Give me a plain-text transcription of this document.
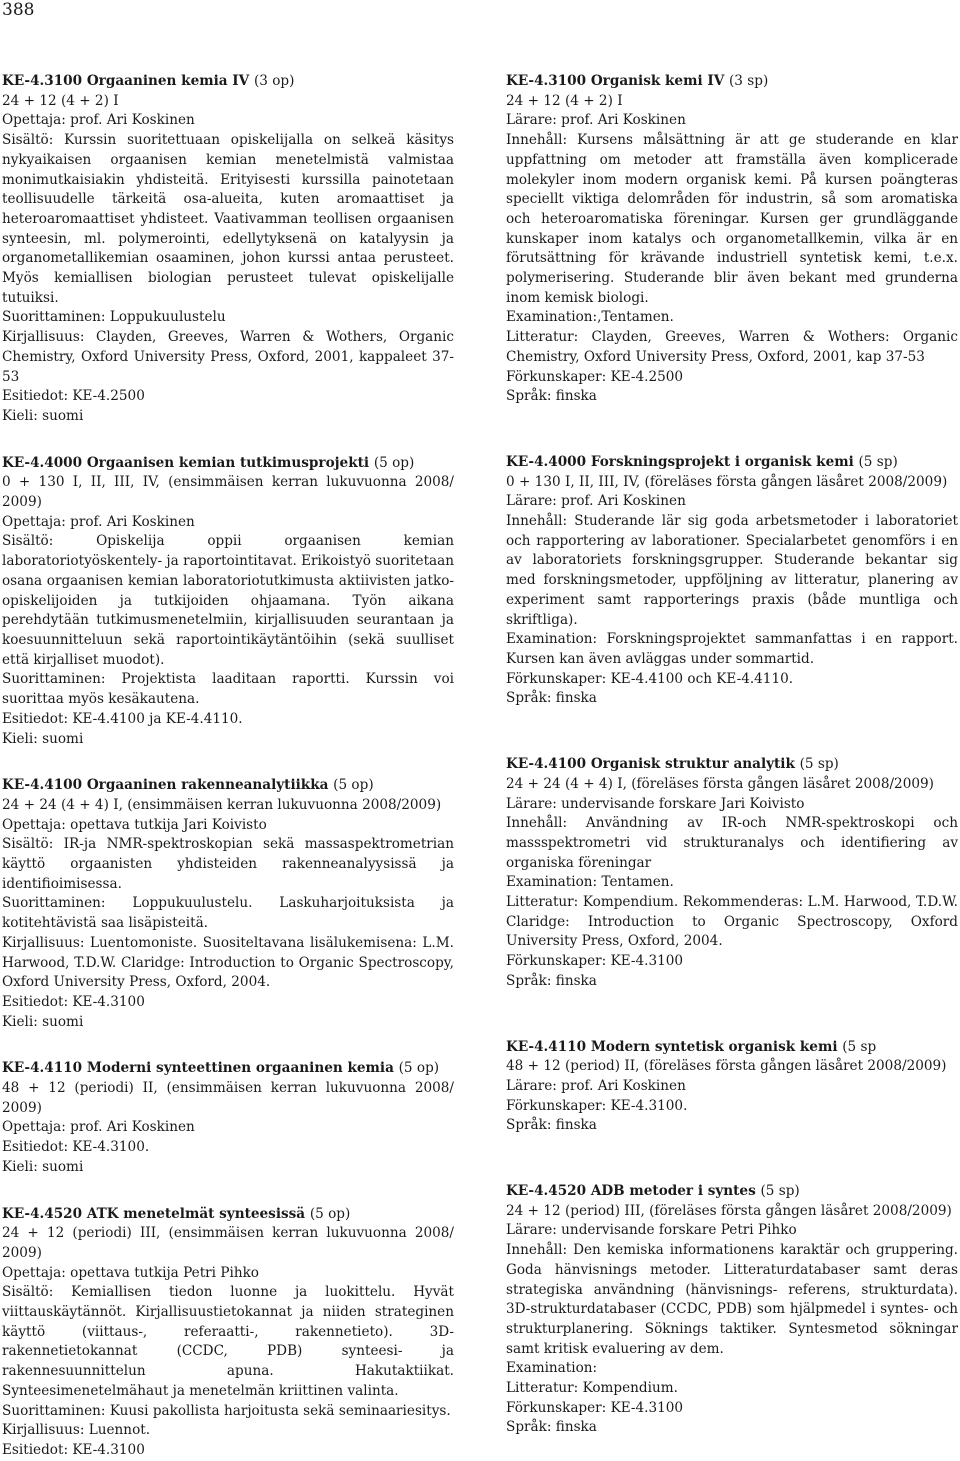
388

KE-4.3100 Orgaaninen kemia IV (3 op)

24 + 12 (4 + 2) I

Opettaja: prof. Ari Koskinen

Sisältö: Kurssin suoritettuaan opiskelijalla on selkeä käsitys nykyaikaisen orgaanisen kemian menetelmistä valmistaa monimutkaisiakin yhdisteitä. Erityisesti kurssilla painotetaan teollisuudelle tärkeitä osa-alueita, kuten aromaattiset ja heteroaromaattiset yhdisteet. Vaativamman teollisen orgaanisen synteesin, ml. polymerointi, edellytyksenä on katalyysin ja organometallikemian osaaminen, johon kurssi antaa perusteet. Myös kemiallisen biologian perusteet tulevat opiskelijalle tutuiksi.

Suorittaminen: Loppukuulustelu

Kirjallisuus: Clayden, Greeves, Warren & Wothers, Organic Chemistry, Oxford University Press, Oxford, 2001, kappaleet 37-53

Esitiedot: KE-4.2500

Kieli: suomi

KE-4.4000 Orgaanisen kemian tutkimusprojekti (5 op)

0 + 130 I, II, III, IV, (ensimmäisen kerran lukuvuonna 2008/ 2009)

Opettaja: prof. Ari Koskinen

Sisältö: Opiskelija oppii orgaanisen kemian laboratoriotyöskentely- ja raportointitavat. Erikoistyö suoritetaan osana orgaanisen kemian laboratoriotutkimusta aktiivisten jatko-opiskelijoiden ja tutkijoiden ohjaamana. Työn aikana perehdytään tutkimusmenetelmiin, kirjallisuuden seurantaan ja koesuunnitteluun sekä raportointikäytäntöihin (sekä suulliset että kirjalliset muodot).

Suorittaminen: Projektista laaditaan raportti. Kurssin voi suorittaa myös kesäkautena.

Esitiedot: KE-4.4100 ja KE-4.4110.

Kieli: suomi

KE-4.4100 Orgaaninen rakenneanalytiikka (5 op)

24 + 24 (4 + 4) I, (ensimmäisen kerran lukuvuonna 2008/2009)

Opettaja: opettava tutkija Jari Koivisto

Sisältö: IR-ja NMR-spektroskopian sekä massaspektrometrian käyttö orgaanisten yhdisteiden rakenneanalyysissä ja identifioimisessa.

Suorittaminen: Loppukuulustelu. Laskuharjoituksista ja kotitehtävistä saa lisäpisteitä.

Kirjallisuus: Luentomoniste. Suositeltavana lisälukemisena: L.M. Harwood, T.D.W. Claridge: Introduction to Organic Spectroscopy, Oxford University Press, Oxford, 2004.

Esitiedot: KE-4.3100

Kieli: suomi

KE-4.4110 Moderni synteettinen orgaaninen kemia (5 op)

48 + 12 (periodi) II, (ensimmäisen kerran lukuvuonna 2008/ 2009)

Opettaja: prof. Ari Koskinen

Esitiedot: KE-4.3100.

Kieli: suomi

KE-4.4520 ATK menetelmät synteesissä (5 op)

24 + 12 (periodi) III, (ensimmäisen kerran lukuvuonna 2008/ 2009)

Opettaja: opettava tutkija Petri Pihko

Sisältö: Kemiallisen tiedon luonne ja luokittelu. Hyvät viittauskäytännöt. Kirjallisuustietokannat ja niiden strateginen käyttö (viittaus-, referaatti-, rakennetieto). 3D-rakennetietokannat (CCDC, PDB) synteesi- ja rakennesuunnittelun apuna. Hakutaktiikat. Synteesimenetelmähaut ja menetelmän kriittinen valinta.

Suorittaminen: Kuusi pakollista harjoitusta sekä seminaariesitys.

Kirjallisuus: Luennot.

Esitiedot: KE-4.3100

KE-4.3100 Organisk kemi IV (3 sp)

24 + 12 (4 + 2) I

Lärare: prof. Ari Koskinen

Innehåll: Kursens målsättning är att ge studerande en klar uppfattning om metoder att framställa även komplicerade molekyler inom modern organisk kemi. På kursen poängteras speciellt viktiga delområden för industrin, så som aromatiska och heteroaromatiska föreningar. Kursen ger grundläggande kunskaper inom katalys och organometallkemin, vilka är en förutsättning för krävande industriell syntetisk kemi, t.e.x. polymerisering. Studerande blir även bekant med grunderna inom kemisk biologi.

Examination:,Tentamen.

Litteratur: Clayden, Greeves, Warren & Wothers: Organic Chemistry, Oxford University Press, Oxford, 2001, kap 37-53

Förkunskaper: KE-4.2500

Språk: finska

KE-4.4000 Forskningsprojekt i organisk kemi (5 sp)

0 + 130 I, II, III, IV, (föreläses första gången läsåret 2008/2009)

Lärare: prof. Ari Koskinen

Innehåll: Studerande lär sig goda arbetsmetoder i laboratoriet och rapportering av laborationer. Specialarbetet genomförs i en av laboratoriets forskningsgrupper. Studerande bekantar sig med forskningsmetoder, uppföljning av litteratur, planering av experiment samt rapporterings praxis (både muntliga och skriftliga).

Examination: Forskningsprojektet sammanfattas i en rapport. Kursen kan även avläggas under sommartid.

Förkunskaper: KE-4.4100 och KE-4.4110.

Språk: finska

KE-4.4100 Organisk struktur analytik (5 sp)

24 + 24 (4 + 4) I, (föreläses första gången läsåret 2008/2009)

Lärare: undervisande forskare Jari Koivisto

Innehåll: Användning av IR-och NMR-spektroskopi och massspektrometri vid strukturanalys och identifiering av organiska föreningar

Examination: Tentamen.

Litteratur: Kompendium. Rekommenderas: L.M. Harwood, T.D.W. Claridge: Introduction to Organic Spectroscopy, Oxford University Press, Oxford, 2004.

Förkunskaper: KE-4.3100

Språk: finska

KE-4.4110 Modern syntetisk organisk kemi (5 sp

48 + 12 (period) II, (föreläses första gången läsåret 2008/2009)

Lärare: prof. Ari Koskinen

Förkunskaper: KE-4.3100.

Språk: finska

KE-4.4520 ADB metoder i syntes (5 sp)

24 + 12 (period) III, (föreläses första gången läsåret 2008/2009)

Lärare: undervisande forskare Petri Pihko

Innehåll: Den kemiska informationens karaktär och gruppering. Goda hänvisnings metoder. Litteraturdatabaser samt deras strategiska användning (hänvisnings- referens, strukturdata). 3D-strukturdatabaser (CCDC, PDB) som hjälpmedel i syntes- och strukturplanering. Söknings taktiker. Syntesmetod sökningar samt kritisk evaluering av dem.

Examination:

Litteratur: Kompendium.

Förkunskaper: KE-4.3100

Språk: finska
